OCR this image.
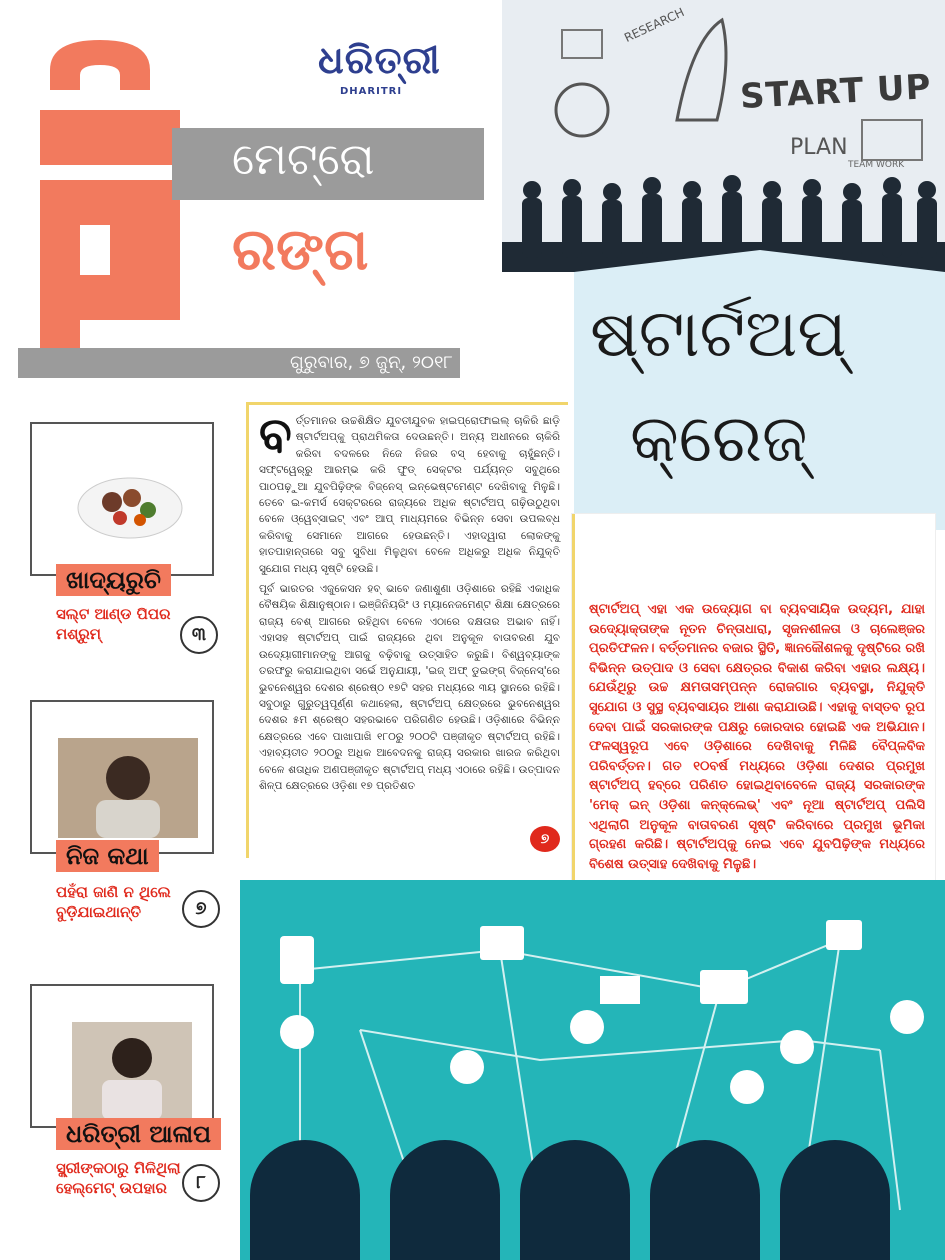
✕
✕
✕
ଧରିତ୍ରୀ
DHARITRI
ମେଟ୍ରୋ
ରଙ୍ଗ
ଗୁରୁବାର, ୭ ଜୁନ୍, ୨୦୧୮
RESEARCH
START UP
PLAN
TEAM WORK
ଷ୍ଟାର୍ଟଅପ୍
କ୍ରେଜ୍
ଖାଦ୍ୟରୁଚି
ସଲ୍‌ଟ ଆଣ୍ଡ ପିପର ମଶ୍ରୁମ୍	୩
ନିଜ କଥା
ପହଁରା ଜାଣି ନ ଥିଲେ ବୁଡ଼ିଯାଇଥାନ୍ତି	୭
ଧରିତ୍ରୀ ଆଳାପ
ସ୍କ୍ରୀଙ୍କଠାରୁ ମିଳିଥିଲା ହେଲ୍‌ମେଟ୍ ଉପହାର	୮
ବ ର୍ତ୍ତମାନର ଉଚ୍ଚଶିକ୍ଷିତ ଯୁବତୀଯୁବକ ହାଇପ୍ରୋଫାଇଲ୍ ଚାକିରି ଛାଡ଼ି ଷ୍ଟାର୍ଟଅପ୍‌କୁ ପ୍ରାଥମିକତା ଦେଉଛନ୍ତି। ଅନ୍ୟ ଅଧୀନରେ ଚାକିରି କରିବା ବଦଳରେ ନିଜେ ନିଜର ବସ୍ ହେବାକୁ ଚାହୁଁଛନ୍ତି। ସଫ୍‌ଟୱେର୍‌ରୁ ଆରମ୍ଭ କରି ଫୁଡ୍ ସେକ୍ଟର ପର୍ଯ୍ୟନ୍ତ ସବୁଥିରେ ପାଠପଢ଼ୁଆ ଯୁବପିଢ଼ିଙ୍କ ବିଜ୍‌ନେସ୍ ଇନ୍‌ଭେଷ୍ଟମେଣ୍ଟ ଦେଖିବାକୁ ମିଳୁଛି। ତେବେ ଇ-କମର୍ସ ସେକ୍ଟରରେ ରାଜ୍ୟରେ ଅଧିକ ଷ୍ଟାର୍ଟଅପ୍ ଗଢ଼ିଉଠୁଥିବା ବେଳେ ଓ୍ୱେବ୍‌ସାଇଟ୍ ଏବଂ ଆପ୍ ମାଧ୍ୟମରେ ବିଭିନ୍ନ ସେବା ଉପଲବ୍ଧ କରିବାକୁ ସେମାନେ ଆଗରେ ହେଉଛନ୍ତି। ଏହାଦ୍ୱାରା ଲୋକଙ୍କୁ ହାତପାହାନ୍ତାରେ ସବୁ ସୁବିଧା ମିଳୁଥିବା ବେଳେ ଅଧିକରୁ ଅଧିକ ନିଯୁକ୍ତି ସୁଯୋଗ ମଧ୍ୟ ସୃଷ୍ଟି ହେଉଛି।

ପୂର୍ବ ଭାରତର ଏଜୁକେସନ ହବ୍ ଭାବେ ଜଣାଶୁଣା ଓଡ଼ିଶାରେ ରହିଛି ଏକାଧିକ ବୈଷୟିକ ଶିକ୍ଷାନୁଷ୍ଠାନ। ଇଞ୍ଜିନିୟରିଂ ଓ ମ୍ୟାନେଜମେଣ୍ଟ ଶିକ୍ଷା କ୍ଷେତ୍ରରେ ରାଜ୍ୟ ବେଶ୍ ଆଗରେ ରହିଥିବା ବେଳେ ଏଠାରେ ଦକ୍ଷତାର ଅଭାବ ନାହିଁ। ଏହାସହ ଷ୍ଟାର୍ଟଅପ୍ ପାଇଁ ରାଜ୍ୟରେ ଥିବା ଅନୁକୂଳ ବାତାବରଣ ଯୁବ ଉଦ୍ୟୋଗୀମାନଙ୍କୁ ଆଗକୁ ବଢ଼ିବାକୁ ଉତ୍ସାହିତ କରୁଛି। ବିଶ୍ୱବ୍ୟାଙ୍କ ତରଫରୁ କରାଯାଇଥିବା ସର୍ଭେ ଅନୁଯାୟୀ, 'ଇଜ୍ ଅଫ୍ ଡୁଇଙ୍ଗ୍ ବିଜ୍‌ନେସ୍'ରେ ଭୁବନେଶ୍ୱର ଦେଶର ଶ୍ରେଷ୍ଠ ୧୭ଟି ସହର ମଧ୍ୟରେ ୩ୟ ସ୍ଥାନରେ ରହିଛି। ସବୁଠାରୁ ଗୁରୁତ୍ୱପୂର୍ଣ୍ଣ କଥାହେଲା, ଷ୍ଟାର୍ଟଅପ୍ କ୍ଷେତ୍ରରେ ଭୁବନେଶ୍ୱର ଦେଶର ୫ମ ଶ୍ରେଷ୍ଠ ସହରଭାବେ ପରିଗଣିତ ହେଉଛି। ଓଡ଼ିଶାରେ ବିଭିନ୍ନ କ୍ଷେତ୍ରରେ ଏବେ ପାଖାପାଖି ୧୮୦ରୁ ୨୦୦ଟି ପଞ୍ଜୀକୃତ ଷ୍ଟାର୍ଟଅପ୍ ରହିଛି। ଏହାବ୍ୟତୀତ ୨୦୦ରୁ ଅଧିକ ଆବେଦନକୁ ରାଜ୍ୟ ସରକାର ଖାରଜ କରିଥିବା ବେଳେ ଶତାଧିକ ଅଣପଞ୍ଜୀକୃତ ଷ୍ଟାର୍ଟଅପ୍ ମଧ୍ୟ ଏଠାରେ ରହିଛି। ଉତ୍ପାଦନ ଶିଳ୍ପ କ୍ଷେତ୍ରରେ ଓଡ଼ିଶା ୧୭ ପ୍ରତିଶତ

୭

ଷ୍ଟାର୍ଟଅପ୍ ଏହା ଏକ ଉଦ୍ୟୋଗ ବା ବ୍ୟବସାୟିକ ଉଦ୍ୟମ, ଯାହା ଉଦ୍ୟୋକ୍ତାଙ୍କ ନୂତନ ଚିନ୍ତାଧାରା, ସୃଜନଶୀଳତା ଓ ଚାଲେଞ୍ଜର ପ୍ରତିଫଳନ। ବର୍ତ୍ତମାନର ବଜାର ସ୍ଥିତି, ଜ୍ଞାନକୌଶଳକୁ ଦୃଷ୍ଟିରେ ରଖି ବିଭିନ୍ନ ଉତ୍ପାଦ ଓ ସେବା କ୍ଷେତ୍ରର ବିକାଶ କରିବା ଏହାର ଲକ୍ଷ୍ୟ। ଯେଉଁଥିରୁ ଉଚ୍ଚ କ୍ଷମତାସମ୍ପନ୍ନ ରୋଜଗାର ବ୍ୟବସ୍ଥା, ନିଯୁକ୍ତି ସୁଯୋଗ ଓ ସୁସ୍ଥ ବ୍ୟବସାୟର ଆଶା କରାଯାଉଛି। ଏହାକୁ ବାସ୍ତବ ରୂପ ଦେବା ପାଇଁ ସରକାରଙ୍କ ପକ୍ଷରୁ ଜୋରଦାର ହୋଇଛି ଏକ ଅଭିଯାନ। ଫଳସ୍ୱରୂପ ଏବେ ଓଡ଼ିଶାରେ ଦେଖିବାକୁ ମିଳିଛି ବୈପ୍ଳବିକ ପରିବର୍ତ୍ତନ। ଗତ ୧୦ବର୍ଷ ମଧ୍ୟରେ ଓଡ଼ିଶା ଦେଶର ପ୍ରମୁଖ ଷ୍ଟାର୍ଟଅପ୍ ହବ୍‌ରେ ପରିଣତ ହୋଇଥିବାବେଳେ ରାଜ୍ୟ ସରକାରଙ୍କ 'ମେକ୍ ଇନ୍ ଓଡ଼ିଶା କନ୍‌କ୍ଲେଭ୍' ଏବଂ ନୂଆ ଷ୍ଟାର୍ଟଅପ୍ ପଲିସି ଏଥିଲାଗି ଅନୁକୂଳ ବାତାବରଣ ସୃଷ୍ଟି କରିବାରେ ପ୍ରମୁଖ ଭୂମିକା ଗ୍ରହଣ କରିଛି। ଷ୍ଟାର୍ଟଅପ୍‌କୁ ନେଇ ଏବେ ଯୁବପିଢ଼ିଙ୍କ ମଧ୍ୟରେ ବିଶେଷ ଉତ୍ସାହ ଦେଖିବାକୁ ମିଳୁଛି।
